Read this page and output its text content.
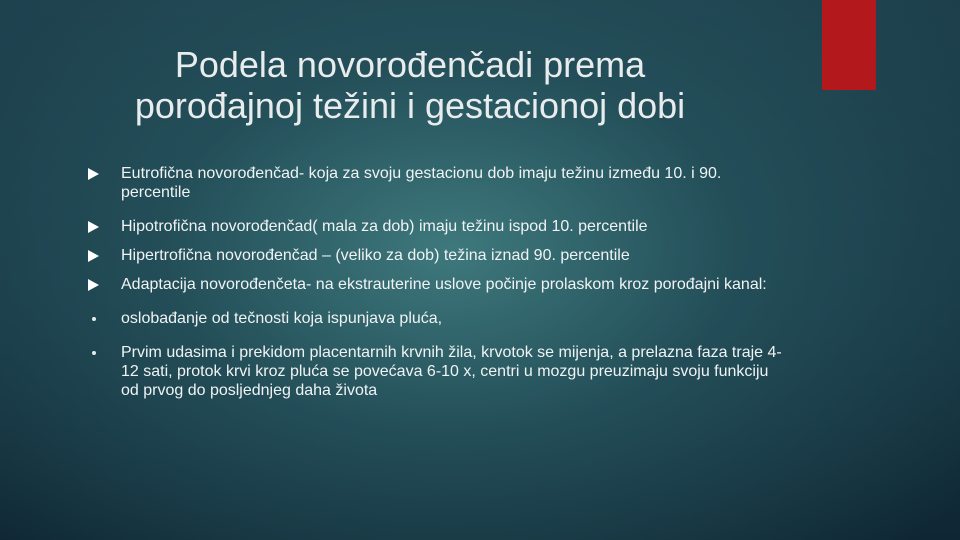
Podela novorođenčadi prema
porođajnoj težini i gestacionoj dobi
Eutrofična novorođenčad- koja za svoju gestacionu dob imaju težinu između 10. i 90. percentile
Hipotrofična novorođenčad( mala za dob) imaju težinu ispod 10. percentile
Hipertrofična novorođenčad – (veliko za dob) težina iznad 90. percentile
Adaptacija novorođenčeta- na ekstrauterine uslove počinje prolaskom kroz porođajni kanal:
oslobađanje od tečnosti koja ispunjava pluća,
Prvim udasima i prekidom placentarnih krvnih žila, krvotok se mijenja, a prelazna faza traje 4-12 sati, protok krvi kroz pluća se povećava 6-10 x, centri u mozgu preuzimaju svoju funkciju od prvog do posljednjeg daha života
